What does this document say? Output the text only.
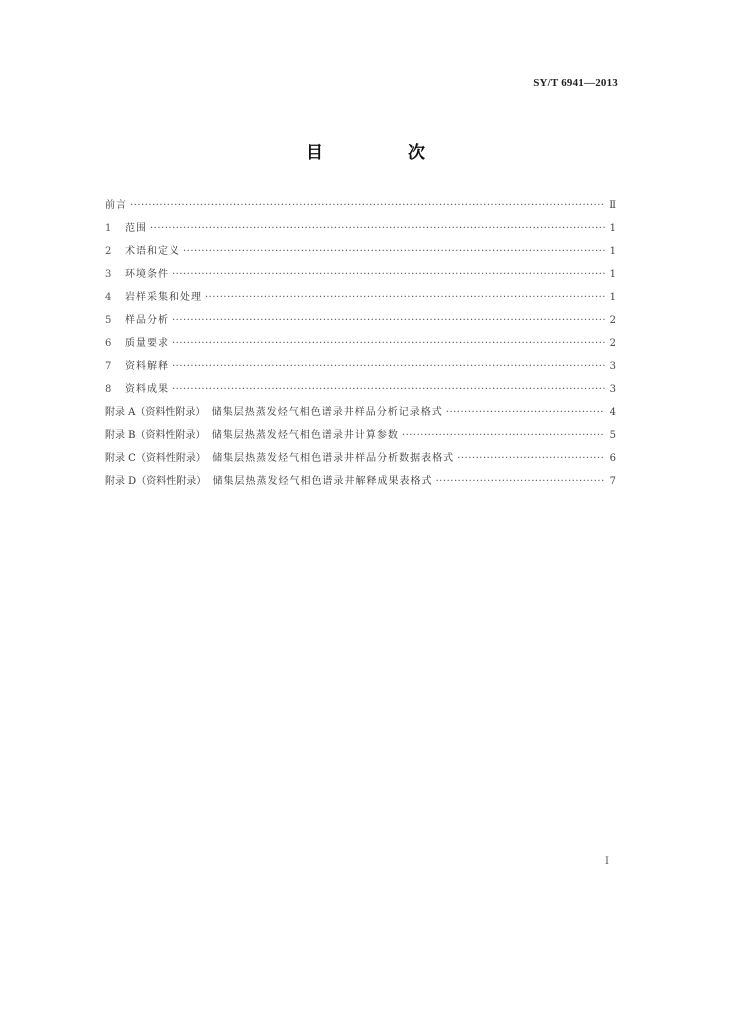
SY/T 6941—2013
目　次
前言 ·····	Ⅱ
1	范围 ·····	1
2	术语和定义 ·····	1
3	环境条件 ·····	1
4	岩样采集和处理 ·····	1
5	样品分析 ·····	2
6	质量要求 ·····	2
7	资料解释 ·····	3
8	资料成果 ·····	3
附录 A（资料性附录） 储集层热蒸发烃气相色谱录井样品分析记录格式 ·····	4
附录 B（资料性附录） 储集层热蒸发烃气相色谱录井计算参数 ·····	5
附录 C（资料性附录） 储集层热蒸发烃气相色谱录井样品分析数据表格式 ·····	6
附录 D（资料性附录） 储集层热蒸发烃气相色谱录井解释成果表格式 ·····	7
I
